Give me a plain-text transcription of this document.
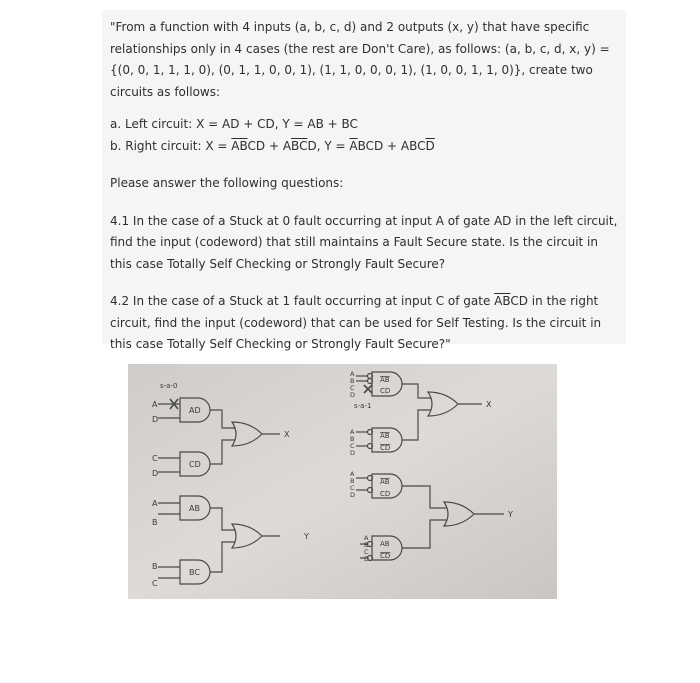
"From a function with 4 inputs (a, b, c, d) and 2 outputs (x, y) that have specific relationships only in 4 cases (the rest are Don't Care), as follows: (a, b, c, d, x, y) = {(0, 0, 1, 1, 1, 0), (0, 1, 1, 0, 0, 1), (1, 1, 0, 0, 0, 1), (1, 0, 0, 1, 1, 0)}, create two circuits as follows:

a. Left circuit: X = AD + CD, Y = AB + BC

b. Right circuit: $X = \overline{AB}CD + A\overline{B}\overline{C}D$, $Y = \overline{A}BCD + ABC\overline{D}$

Please answer the following questions:

4.1 In the case of a Stuck at 0 fault occurring at input A of gate AD in the left circuit, find the input (codeword) that still maintains a Fault Secure state. Is the circuit in this case Totally Self Checking or Strongly Fault Secure?

4.2 In the case of a Stuck at 1 fault occurring at input C of gate $\overline{AB}CD$ in the right circuit, find the input (codeword) that can be used for Self Testing. Is the circuit in this case Totally Self Checking or Strongly Fault Secure?"

s-a-0
A
D
C
D
A
B
B
C
AD
CD
AB
BC
X
Y
A
B
C
D
s-a-1
A
B
C
D
A
B
C
D
A
B
C
D
AB
CD
AB
CD
AB
CD
AB
CD
X
Y
